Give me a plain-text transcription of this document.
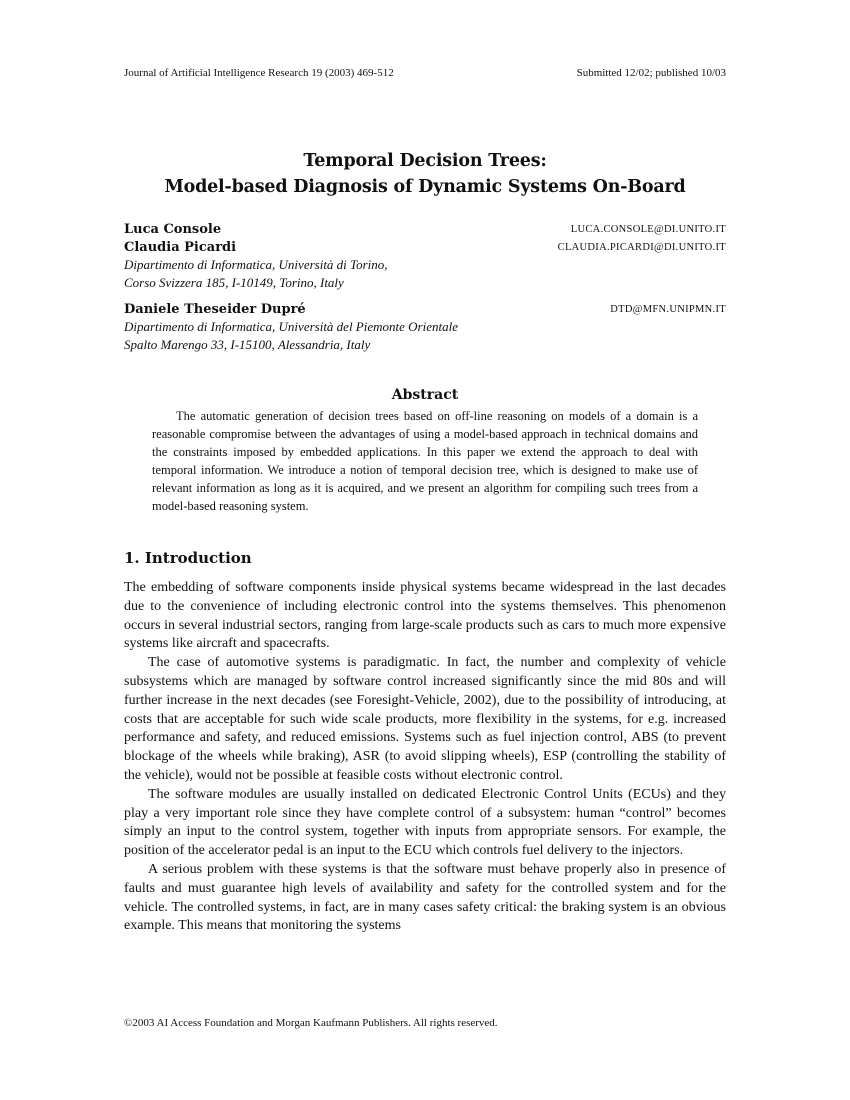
Journal of Artificial Intelligence Research 19 (2003) 469-512	Submitted 12/02; published 10/03
Temporal Decision Trees:
Model-based Diagnosis of Dynamic Systems On-Board
Luca Console	LUCA.CONSOLE@DI.UNITO.IT
Claudia Picardi	CLAUDIA.PICARDI@DI.UNITO.IT
Dipartimento di Informatica, Università di Torino,
Corso Svizzera 185, I-10149, Torino, Italy
Daniele Theseider Dupré	DTD@MFN.UNIPMN.IT
Dipartimento di Informatica, Università del Piemonte Orientale
Spalto Marengo 33, I-15100, Alessandria, Italy
Abstract

The automatic generation of decision trees based on off-line reasoning on models of a domain is a reasonable compromise between the advantages of using a model-based approach in technical domains and the constraints imposed by embedded applications. In this paper we extend the approach to deal with temporal information. We introduce a notion of temporal decision tree, which is designed to make use of relevant information as long as it is acquired, and we present an algorithm for compiling such trees from a model-based reasoning system.

1. Introduction

The embedding of software components inside physical systems became widespread in the last decades due to the convenience of including electronic control into the systems themselves. This phenomenon occurs in several industrial sectors, ranging from large-scale products such as cars to much more expensive systems like aircraft and spacecrafts.

The case of automotive systems is paradigmatic. In fact, the number and complexity of vehicle subsystems which are managed by software control increased significantly since the mid 80s and will further increase in the next decades (see Foresight-Vehicle, 2002), due to the possibility of introducing, at costs that are acceptable for such wide scale products, more flexibility in the systems, for e.g. increased performance and safety, and reduced emissions. Systems such as fuel injection control, ABS (to prevent blockage of the wheels while braking), ASR (to avoid slipping wheels), ESP (controlling the stability of the vehicle), would not be possible at feasible costs without electronic control.

The software modules are usually installed on dedicated Electronic Control Units (ECUs) and they play a very important role since they have complete control of a subsystem: human “control” becomes simply an input to the control system, together with inputs from appropriate sensors. For example, the position of the accelerator pedal is an input to the ECU which controls fuel delivery to the injectors.

A serious problem with these systems is that the software must behave properly also in presence of faults and must guarantee high levels of availability and safety for the controlled system and for the vehicle. The controlled systems, in fact, are in many cases safety critical: the braking system is an obvious example. This means that monitoring the systems

©2003 AI Access Foundation and Morgan Kaufmann Publishers. All rights reserved.
